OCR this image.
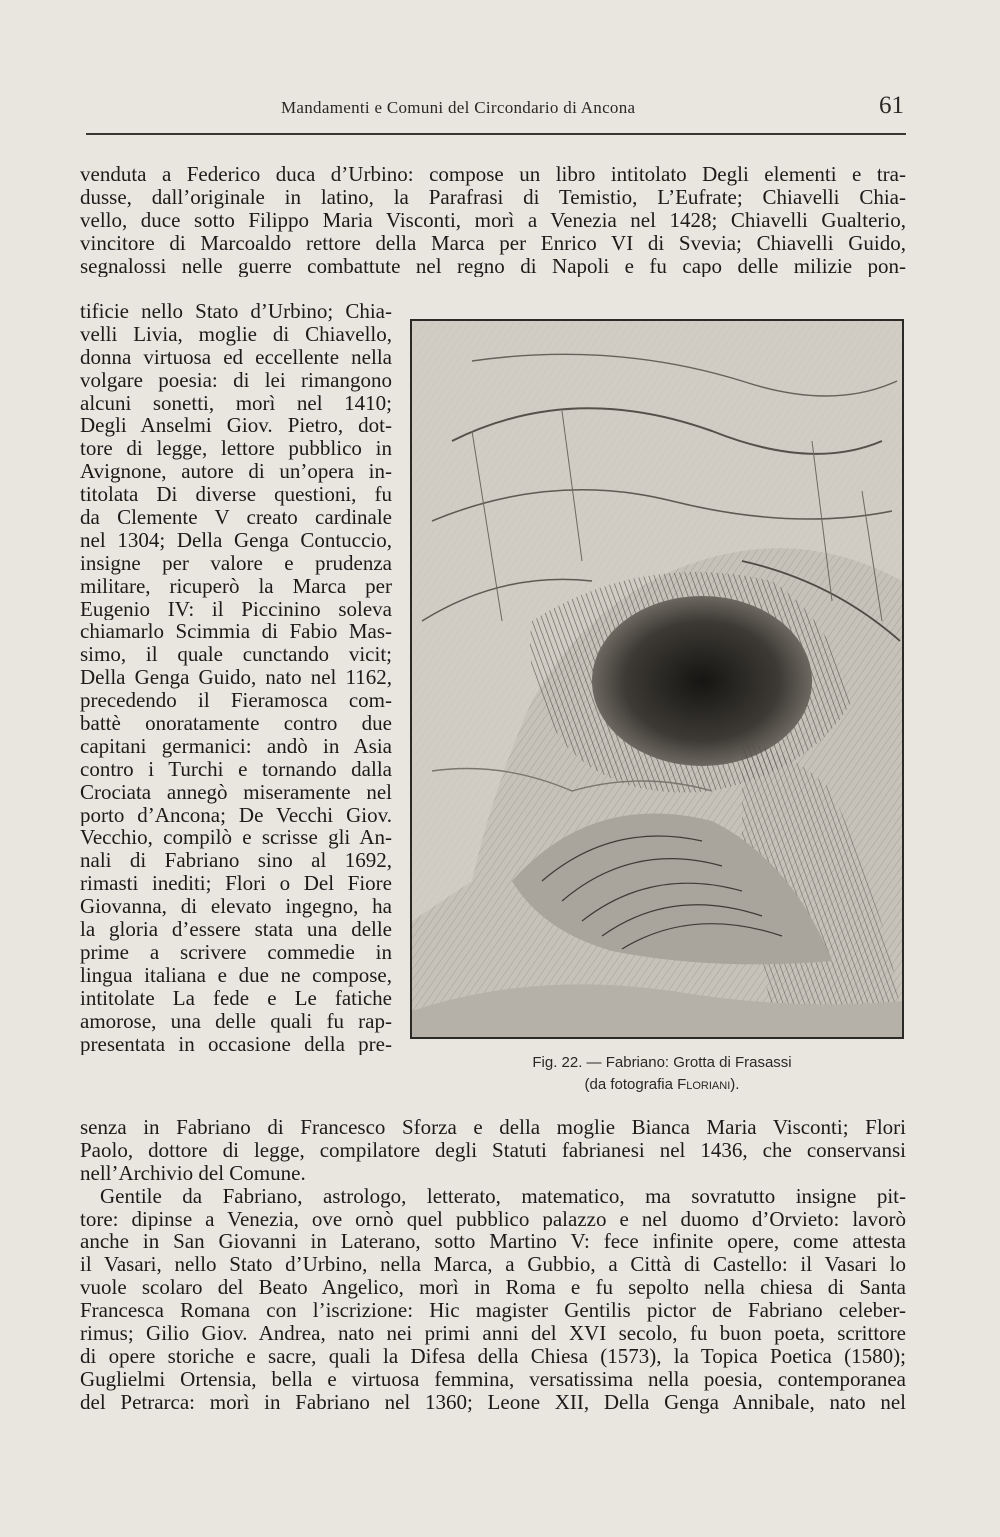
Mandamenti e Comuni del Circondario di Ancona	61
venduta a Federico duca d’Urbino: compose un libro intitolato Degli elementi e tra-
dusse, dall’originale in latino, la Parafrasi di Temistio, L’Eufrate; Chiavelli Chia-
vello, duce sotto Filippo Maria Visconti, morì a Venezia nel 1428; Chiavelli Gualterio,
vincitore di Marcoaldo rettore della Marca per Enrico VI di Svevia; Chiavelli Guido,
segnalossi nelle guerre combattute nel regno di Napoli e fu capo delle milizie pon-
tificie nello Stato d’Urbino; Chia-
velli Livia, moglie di Chiavello,
donna virtuosa ed eccellente nella
volgare poesia: di lei rimangono
alcuni sonetti, morì nel 1410;
Degli Anselmi Giov. Pietro, dot-
tore di legge, lettore pubblico in
Avignone, autore di un’opera in-
titolata Di diverse questioni, fu
da Clemente V creato cardinale
nel 1304; Della Genga Contuccio,
insigne per valore e prudenza
militare, ricuperò la Marca per
Eugenio IV: il Piccinino soleva
chiamarlo Scimmia di Fabio Mas-
simo, il quale cunctando vicit;
Della Genga Guido, nato nel 1162,
precedendo il Fieramosca com-
battè onoratamente contro due
capitani germanici: andò in Asia
contro i Turchi e tornando dalla
Crociata annegò miseramente nel
porto d’Ancona; De Vecchi Giov.
Vecchio, compilò e scrisse gli An-
nali di Fabriano sino al 1692,
rimasti inediti; Flori o Del Fiore
Giovanna, di elevato ingegno, ha
la gloria d’essere stata una delle
prime a scrivere commedie in
lingua italiana e due ne compose,
intitolate La fede e Le fatiche
amorose, una delle quali fu rap-
presentata in occasione della pre-
Fig. 22. — Fabriano: Grotta di Frasassi
(da fotografia Floriani).
senza in Fabriano di Francesco Sforza e della moglie Bianca Maria Visconti; Flori
Paolo, dottore di legge, compilatore degli Statuti fabrianesi nel 1436, che conservansi
nell’Archivio del Comune.
Gentile da Fabriano, astrologo, letterato, matematico, ma sovratutto insigne pit-
tore: dipinse a Venezia, ove ornò quel pubblico palazzo e nel duomo d’Orvieto: lavorò
anche in San Giovanni in Laterano, sotto Martino V: fece infinite opere, come attesta
il Vasari, nello Stato d’Urbino, nella Marca, a Gubbio, a Città di Castello: il Vasari lo
vuole scolaro del Beato Angelico, morì in Roma e fu sepolto nella chiesa di Santa
Francesca Romana con l’iscrizione: Hic magister Gentilis pictor de Fabriano celeber-
rimus; Gilio Giov. Andrea, nato nei primi anni del XVI secolo, fu buon poeta, scrittore
di opere storiche e sacre, quali la Difesa della Chiesa (1573), la Topica Poetica (1580);
Guglielmi Ortensia, bella e virtuosa femmina, versatissima nella poesia, contemporanea
del Petrarca: morì in Fabriano nel 1360; Leone XII, Della Genga Annibale, nato nel
